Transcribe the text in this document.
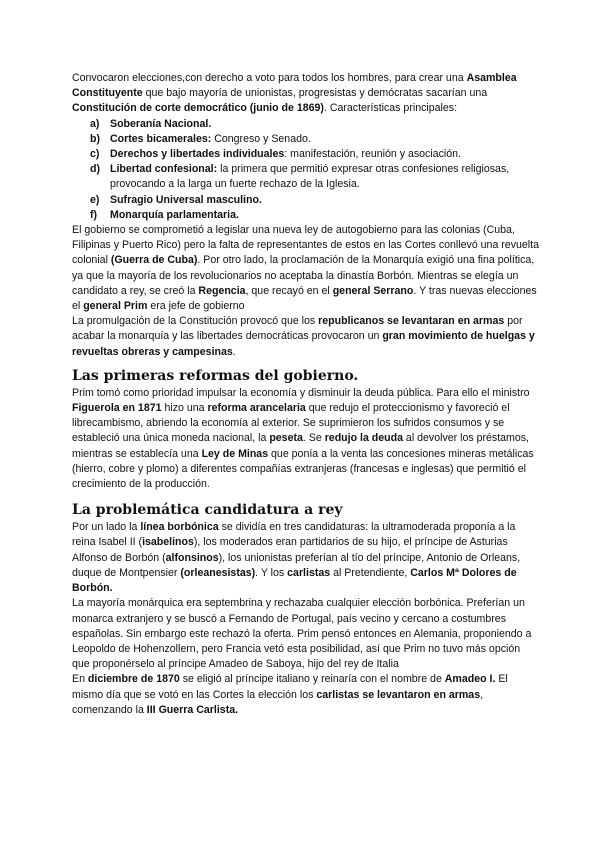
Convocaron elecciones,con derecho a voto para todos los hombres, para crear una Asamblea Constituyente que bajo mayoría de unionistas, progresistas y demócratas sacarían una Constitución de corte democrático (junio de 1869). Características principales:

a) Soberanía Nacional.
b) Cortes bicamerales: Congreso y Senado.
c) Derechos y libertades individuales: manifestación, reunión y asociación.
d) Libertad confesional: la primera que permitió expresar otras confesiones religiosas, provocando a la larga un fuerte rechazo de la Iglesia.
e) Sufragio Universal masculino.
f)	Monarquía parlamentaria.

El gobierno se comprometió a legislar una nueva ley de autogobierno para las colonias (Cuba, Filipinas y Puerto Rico) pero la falta de representantes de estos en las Cortes conllevó una revuelta colonial (Guerra de Cuba). Por otro lado, la proclamación de la Monarquía exigió una fina política, ya que la mayoría de los revolucionarios no aceptaba la dinastía Borbón. Mientras se elegía un candidato a rey, se creó la Regencia, que recayó en el general Serrano. Y tras nuevas elecciones el general Prim era jefe de gobierno

La promulgación de la Constitución provocó que los republicanos se levantaran en armas por acabar la monarquía y las libertades democráticas provocaron un gran movimiento de huelgas y revueltas obreras y campesinas.

Las primeras reformas del gobierno.

Prim tomó como prioridad impulsar la economía y disminuir la deuda pública. Para ello el ministro Figuerola en 1871 hizo una reforma arancelaria que redujo el proteccionismo y favoreció el librecambismo, abriendo la economía al exterior. Se suprimieron los sufridos consumos y se estableció una única moneda nacional, la peseta. Se redujo la deuda al devolver los préstamos, mientras se establecía una Ley de Minas que ponía a la venta las concesiones mineras metálicas (hierro, cobre y plomo) a diferentes compañías extranjeras (francesas e inglesas) que permitió el crecimiento de la producción.

La problemática candidatura a rey

Por un lado la línea borbónica se dividía en tres candidaturas: la ultramoderada proponía a la reina Isabel II (isabelinos), los moderados eran partidarios de su hijo, el príncipe de Asturias Alfonso de Borbón (alfonsinos), los unionistas preferían al tío del príncipe, Antonio de Orleans, duque de Montpensier (orleanesistas). Y los carlistas al Pretendiente, Carlos Mª Dolores de Borbón.

La mayoría monárquica era septembrina y rechazaba cualquier elección borbónica. Preferían un monarca extranjero y se buscó a Fernando de Portugal, país vecino y cercano a costumbres españolas. Sin embargo este rechazó la oferta. Prim pensó entonces en Alemania, proponiendo a Leopoldo de Hohenzollern, pero Francia vetó esta posibilidad, así que Prim no tuvo más opción que proponérselo al príncipe Amadeo de Saboya, hijo del rey de Italia

En diciembre de 1870 se eligió al príncipe italiano y reinaría con el nombre de Amadeo I. El mismo día que se votó en las Cortes la elección los carlistas se levantaron en armas, comenzando la III Guerra Carlista.
